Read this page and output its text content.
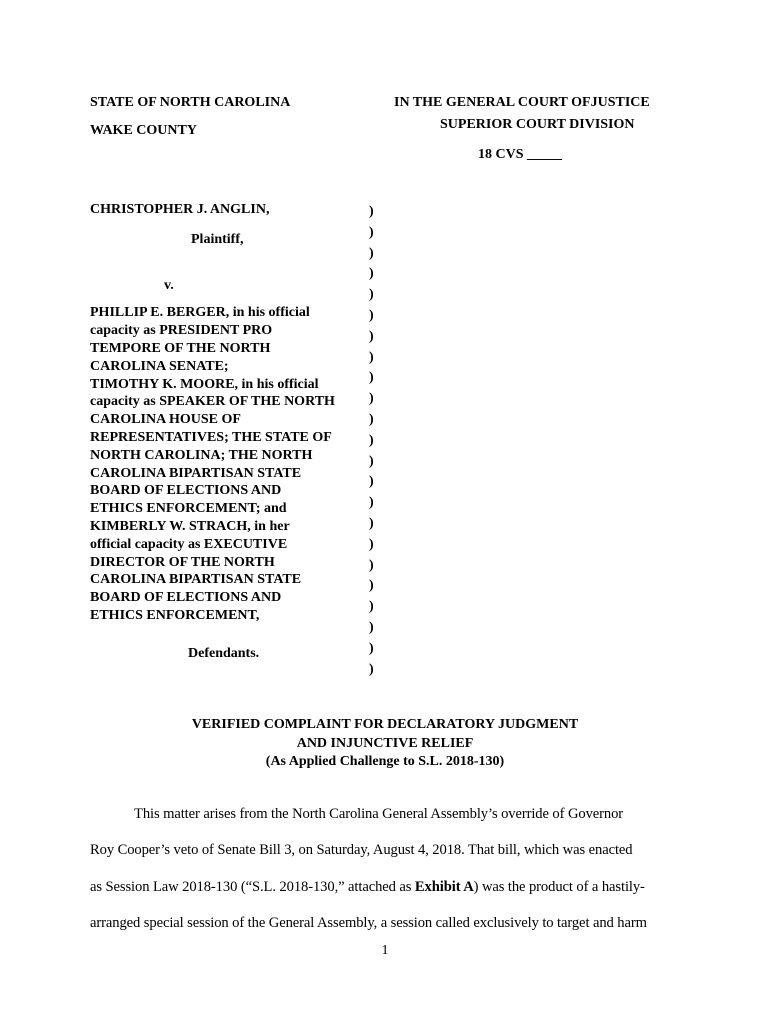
STATE OF NORTH CAROLINA
WAKE COUNTY
IN THE GENERAL COURT OFJUSTICE
SUPERIOR COURT DIVISION
18 CVS _____
CHRISTOPHER J. ANGLIN,
Plaintiff,
v.
PHILLIP E. BERGER, in his official
capacity as PRESIDENT PRO
TEMPORE OF THE NORTH
CAROLINA SENATE;
TIMOTHY K. MOORE, in his official
capacity as SPEAKER OF THE NORTH
CAROLINA HOUSE OF
REPRESENTATIVES; THE STATE OF
NORTH CAROLINA; THE NORTH
CAROLINA BIPARTISAN STATE
BOARD OF ELECTIONS AND
ETHICS ENFORCEMENT; and
KIMBERLY W. STRACH, in her
official capacity as EXECUTIVE
DIRECTOR OF THE NORTH
CAROLINA BIPARTISAN STATE
BOARD OF ELECTIONS AND
ETHICS ENFORCEMENT,
Defendants.
)
)
)
)
)
)
)
)
)
)
)
)
)
)
)
)
)
)
)
)
)
)
)
VERIFIED COMPLAINT FOR DECLARATORY JUDGMENT
AND INJUNCTIVE RELIEF
(As Applied Challenge to S.L. 2018-130)
This matter arises from the North Carolina General Assembly’s override of Governor
Roy Cooper’s veto of Senate Bill 3, on Saturday, August 4, 2018. That bill, which was enacted
as Session Law 2018-130 (“S.L. 2018-130,” attached as Exhibit A) was the product of a hastily-
arranged special session of the General Assembly, a session called exclusively to target and harm
1
